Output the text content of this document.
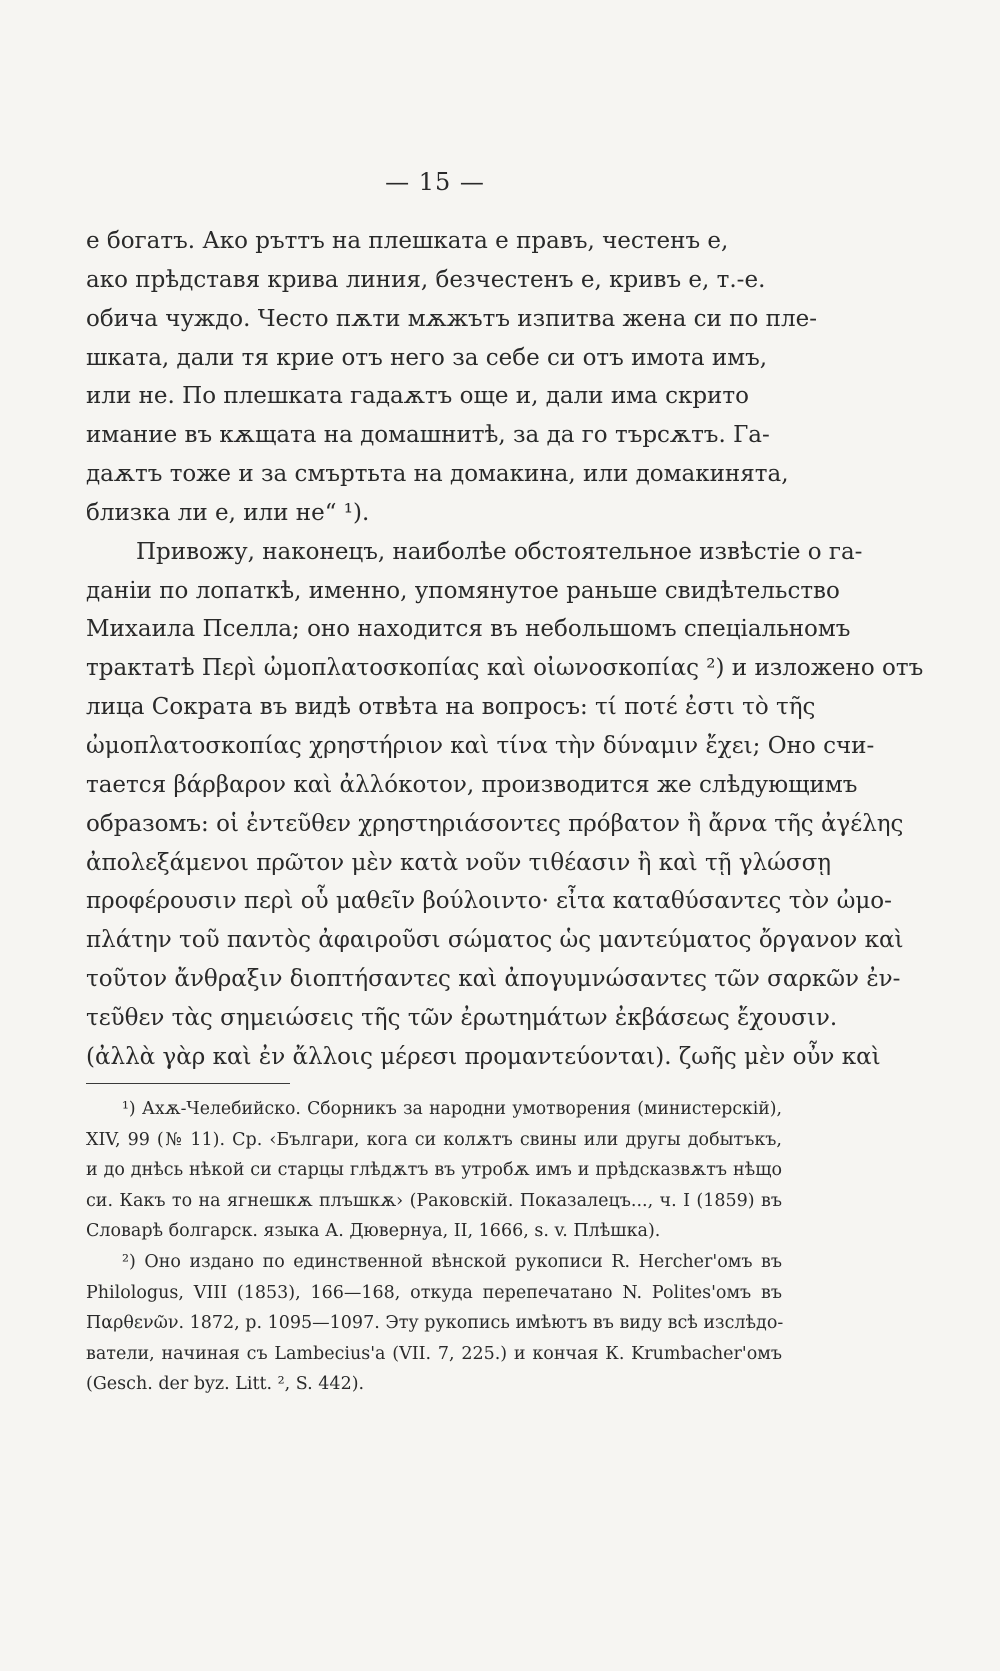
— 15 —
е богатъ. Ако ръттъ на плешката е правъ, честенъ е,
ако прѣдставя крива линия, безчестенъ е, кривъ е, т.-е.
обича чуждо. Често пѫти мѫжътъ изпитва жена си по пле-
шката, дали тя крие отъ него за себе си отъ имота имъ,
или не. По плешката гадаѫтъ още и, дали има скрито
имание въ кѫщата на домашнитѣ, за да го търсѫтъ. Га-
даѫтъ тоже и за смъртьта на домакина, или домакинята,
близка ли е, или не“ ¹).
Привожу, наконецъ, наиболѣе обстоятельное извѣстіе о га-
даніи по лопаткѣ, именно, упомянутое раньше свидѣтельство
Михаила Пселла; оно находится въ небольшомъ спеціальномъ
трактатѣ Περὶ ὠμοπλατοσκοπίας καὶ οἰωνοσκοπίας ²) и изложено отъ
лица Сократа въ видѣ отвѣта на вопросъ: τί ποτέ ἐστι τὸ τῆς
ὠμοπλατοσκοπίας χρηστήριον καὶ τίνα τὴν δύναμιν ἔχει; Оно счи-
тается βάρβαρον καὶ ἀλλόκοτον, производится же слѣдующимъ
образомъ: οἱ ἐντεῦθεν χρηστηριάσοντες πρόβατον ἢ ἄρνα τῆς ἀγέλης
ἀπολεξάμενοι πρῶτον μὲν κατὰ νοῦν τιθέασιν ἢ καὶ τῇ γλώσσῃ
προφέρουσιν περὶ οὗ μαθεῖν βούλοιντο· εἶτα καταθύσαντες τὸν ὠμο-
πλάτην τοῦ παντὸς ἀφαιροῦσι σώματος ὡς μαντεύματος ὄργανον καὶ
τοῦτον ἄνθραξιν διοπτήσαντες καὶ ἀπογυμνώσαντες τῶν σαρκῶν ἐν-
τεῦθεν τὰς σημειώσεις τῆς τῶν ἐρωτημάτων ἐκβάσεως ἔχουσιν.
(ἀλλὰ γὰρ καὶ ἐν ἄλλοις μέρεσι προμαντεύονται). ζωῆς μὲν οὖν καὶ
¹) Ахѫ-Челебийско. Сборникъ за народни умотворения (министерскій),
XIV, 99 (№ 11). Ср. ‹Българи, кога си колѫтъ свины или другы добытъкъ,
и до днѣсь нѣкой си старцы глѣдѫтъ въ утробѫ имъ и прѣдсказвѫтъ нѣщо
си. Какъ то на ягнешкѫ плъшкѫ› (Раковскій. Показалецъ..., ч. I (1859) въ
Словарѣ болгарск. языка А. Дювернуа, II, 1666, s. v. Плѣшка).
²) Оно издано по единственной вѣнской рукописи R. Hercher'омъ въ
Philologus, VIII (1853), 166—168, откуда перепечатано N. Polites'омъ въ
Παρθενῶν. 1872, p. 1095—1097. Эту рукопись имѣютъ въ виду всѣ изслѣдо-
ватели, начиная съ Lambecius'а (VII. 7, 225.) и кончая К. Krumbacher'омъ
(Gesch. der byz. Litt. ², S. 442).
